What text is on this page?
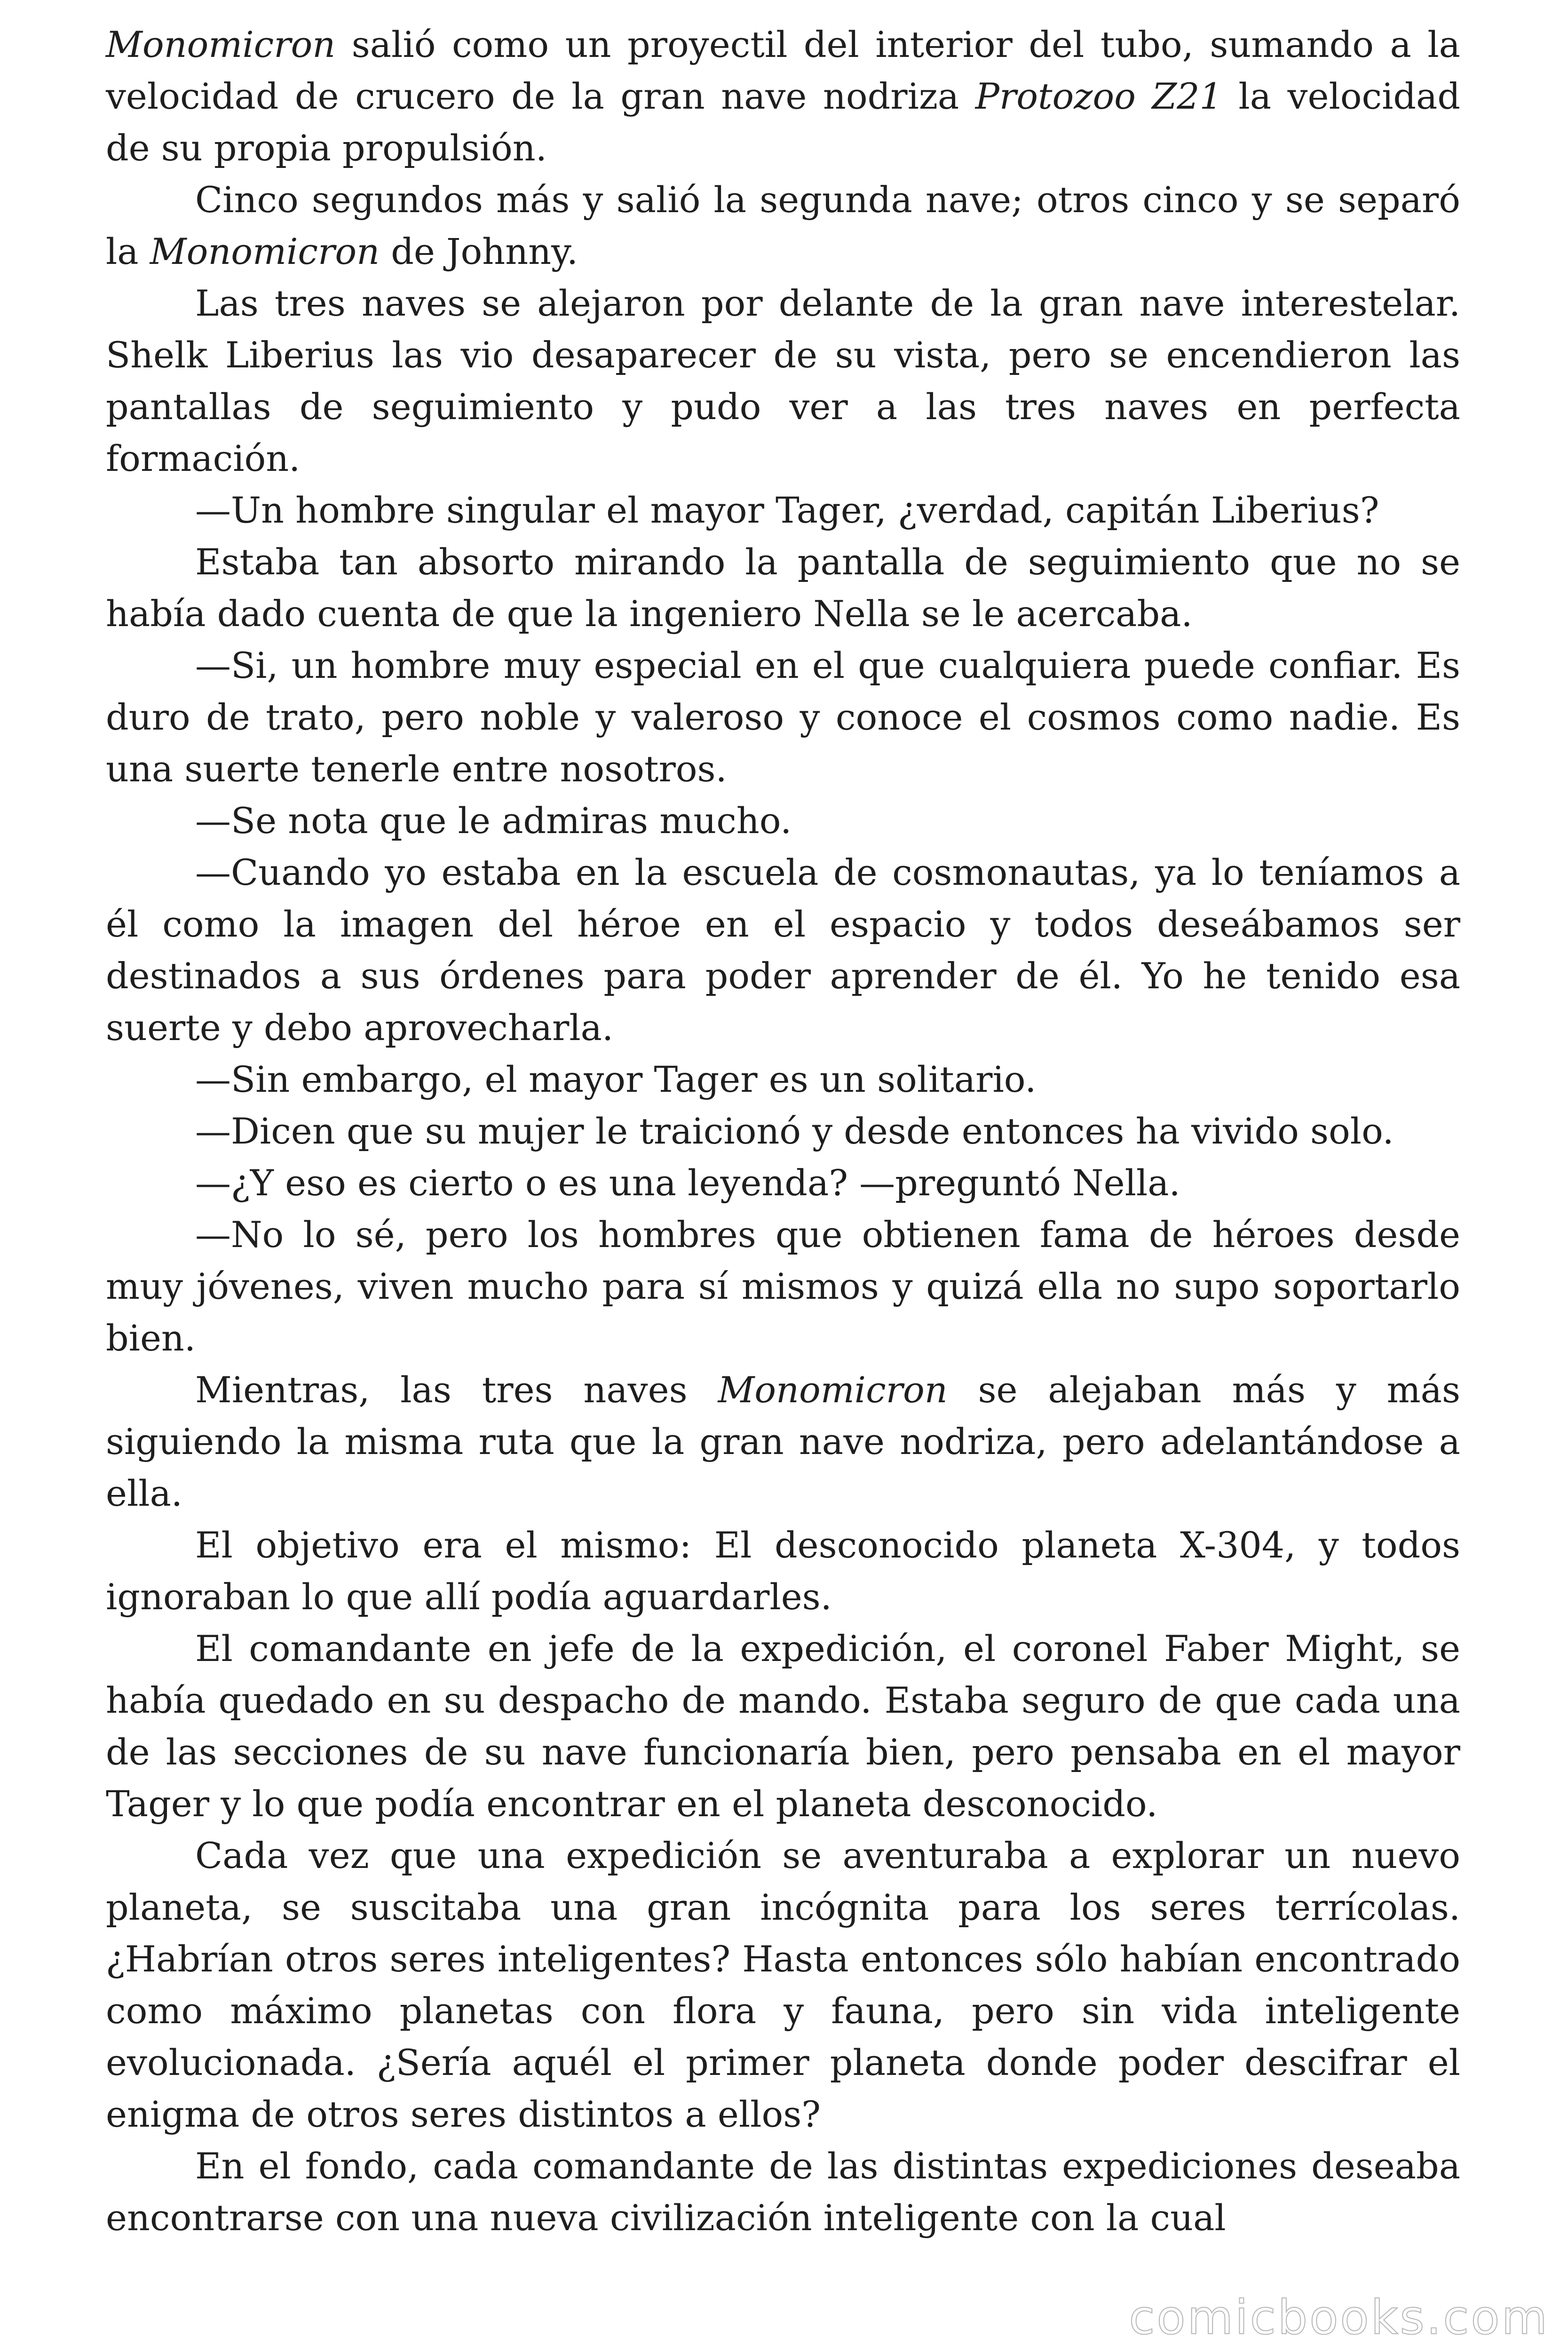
Monomicron salió como un proyectil del interior del tubo, sumando a la velocidad de crucero de la gran nave nodriza Protozoo Z21 la velocidad de su propia propulsión.

Cinco segundos más y salió la segunda nave; otros cinco y se separó la Monomicron de Johnny.

Las tres naves se alejaron por delante de la gran nave interestelar. Shelk Liberius las vio desaparecer de su vista, pero se encendieron las pantallas de seguimiento y pudo ver a las tres naves en perfecta formación.

—Un hombre singular el mayor Tager, ¿verdad, capitán Liberius?

Estaba tan absorto mirando la pantalla de seguimiento que no se había dado cuenta de que la ingeniero Nella se le acercaba.

—Si, un hombre muy especial en el que cualquiera puede confiar. Es duro de trato, pero noble y valeroso y conoce el cosmos como nadie. Es una suerte tenerle entre nosotros.

—Se nota que le admiras mucho.

—Cuando yo estaba en la escuela de cosmonautas, ya lo teníamos a él como la imagen del héroe en el espacio y todos deseábamos ser destinados a sus órdenes para poder aprender de él. Yo he tenido esa suerte y debo aprovecharla.

—Sin embargo, el mayor Tager es un solitario.

—Dicen que su mujer le traicionó y desde entonces ha vivido solo.

—¿Y eso es cierto o es una leyenda? —preguntó Nella.

—No lo sé, pero los hombres que obtienen fama de héroes desde muy jóvenes, viven mucho para sí mismos y quizá ella no supo soportarlo bien.

Mientras, las tres naves Monomicron se alejaban más y más siguiendo la misma ruta que la gran nave nodriza, pero adelantándose a ella.

El objetivo era el mismo: El desconocido planeta X-304, y todos ignoraban lo que allí podía aguardarles.

El comandante en jefe de la expedición, el coronel Faber Might, se había quedado en su despacho de mando. Estaba seguro de que cada una de las secciones de su nave funcionaría bien, pero pensaba en el mayor Tager y lo que podía encontrar en el planeta desconocido.

Cada vez que una expedición se aventuraba a explorar un nuevo planeta, se suscitaba una gran incógnita para los seres terrícolas. ¿Habrían otros seres inteligentes? Hasta entonces sólo habían encontrado como máximo planetas con flora y fauna, pero sin vida inteligente evolucionada. ¿Sería aquél el primer planeta donde poder descifrar el enigma de otros seres distintos a ellos?

En el fondo, cada comandante de las distintas expediciones deseaba encontrarse con una nueva civilización inteligente con la cual

comicbooks.com
